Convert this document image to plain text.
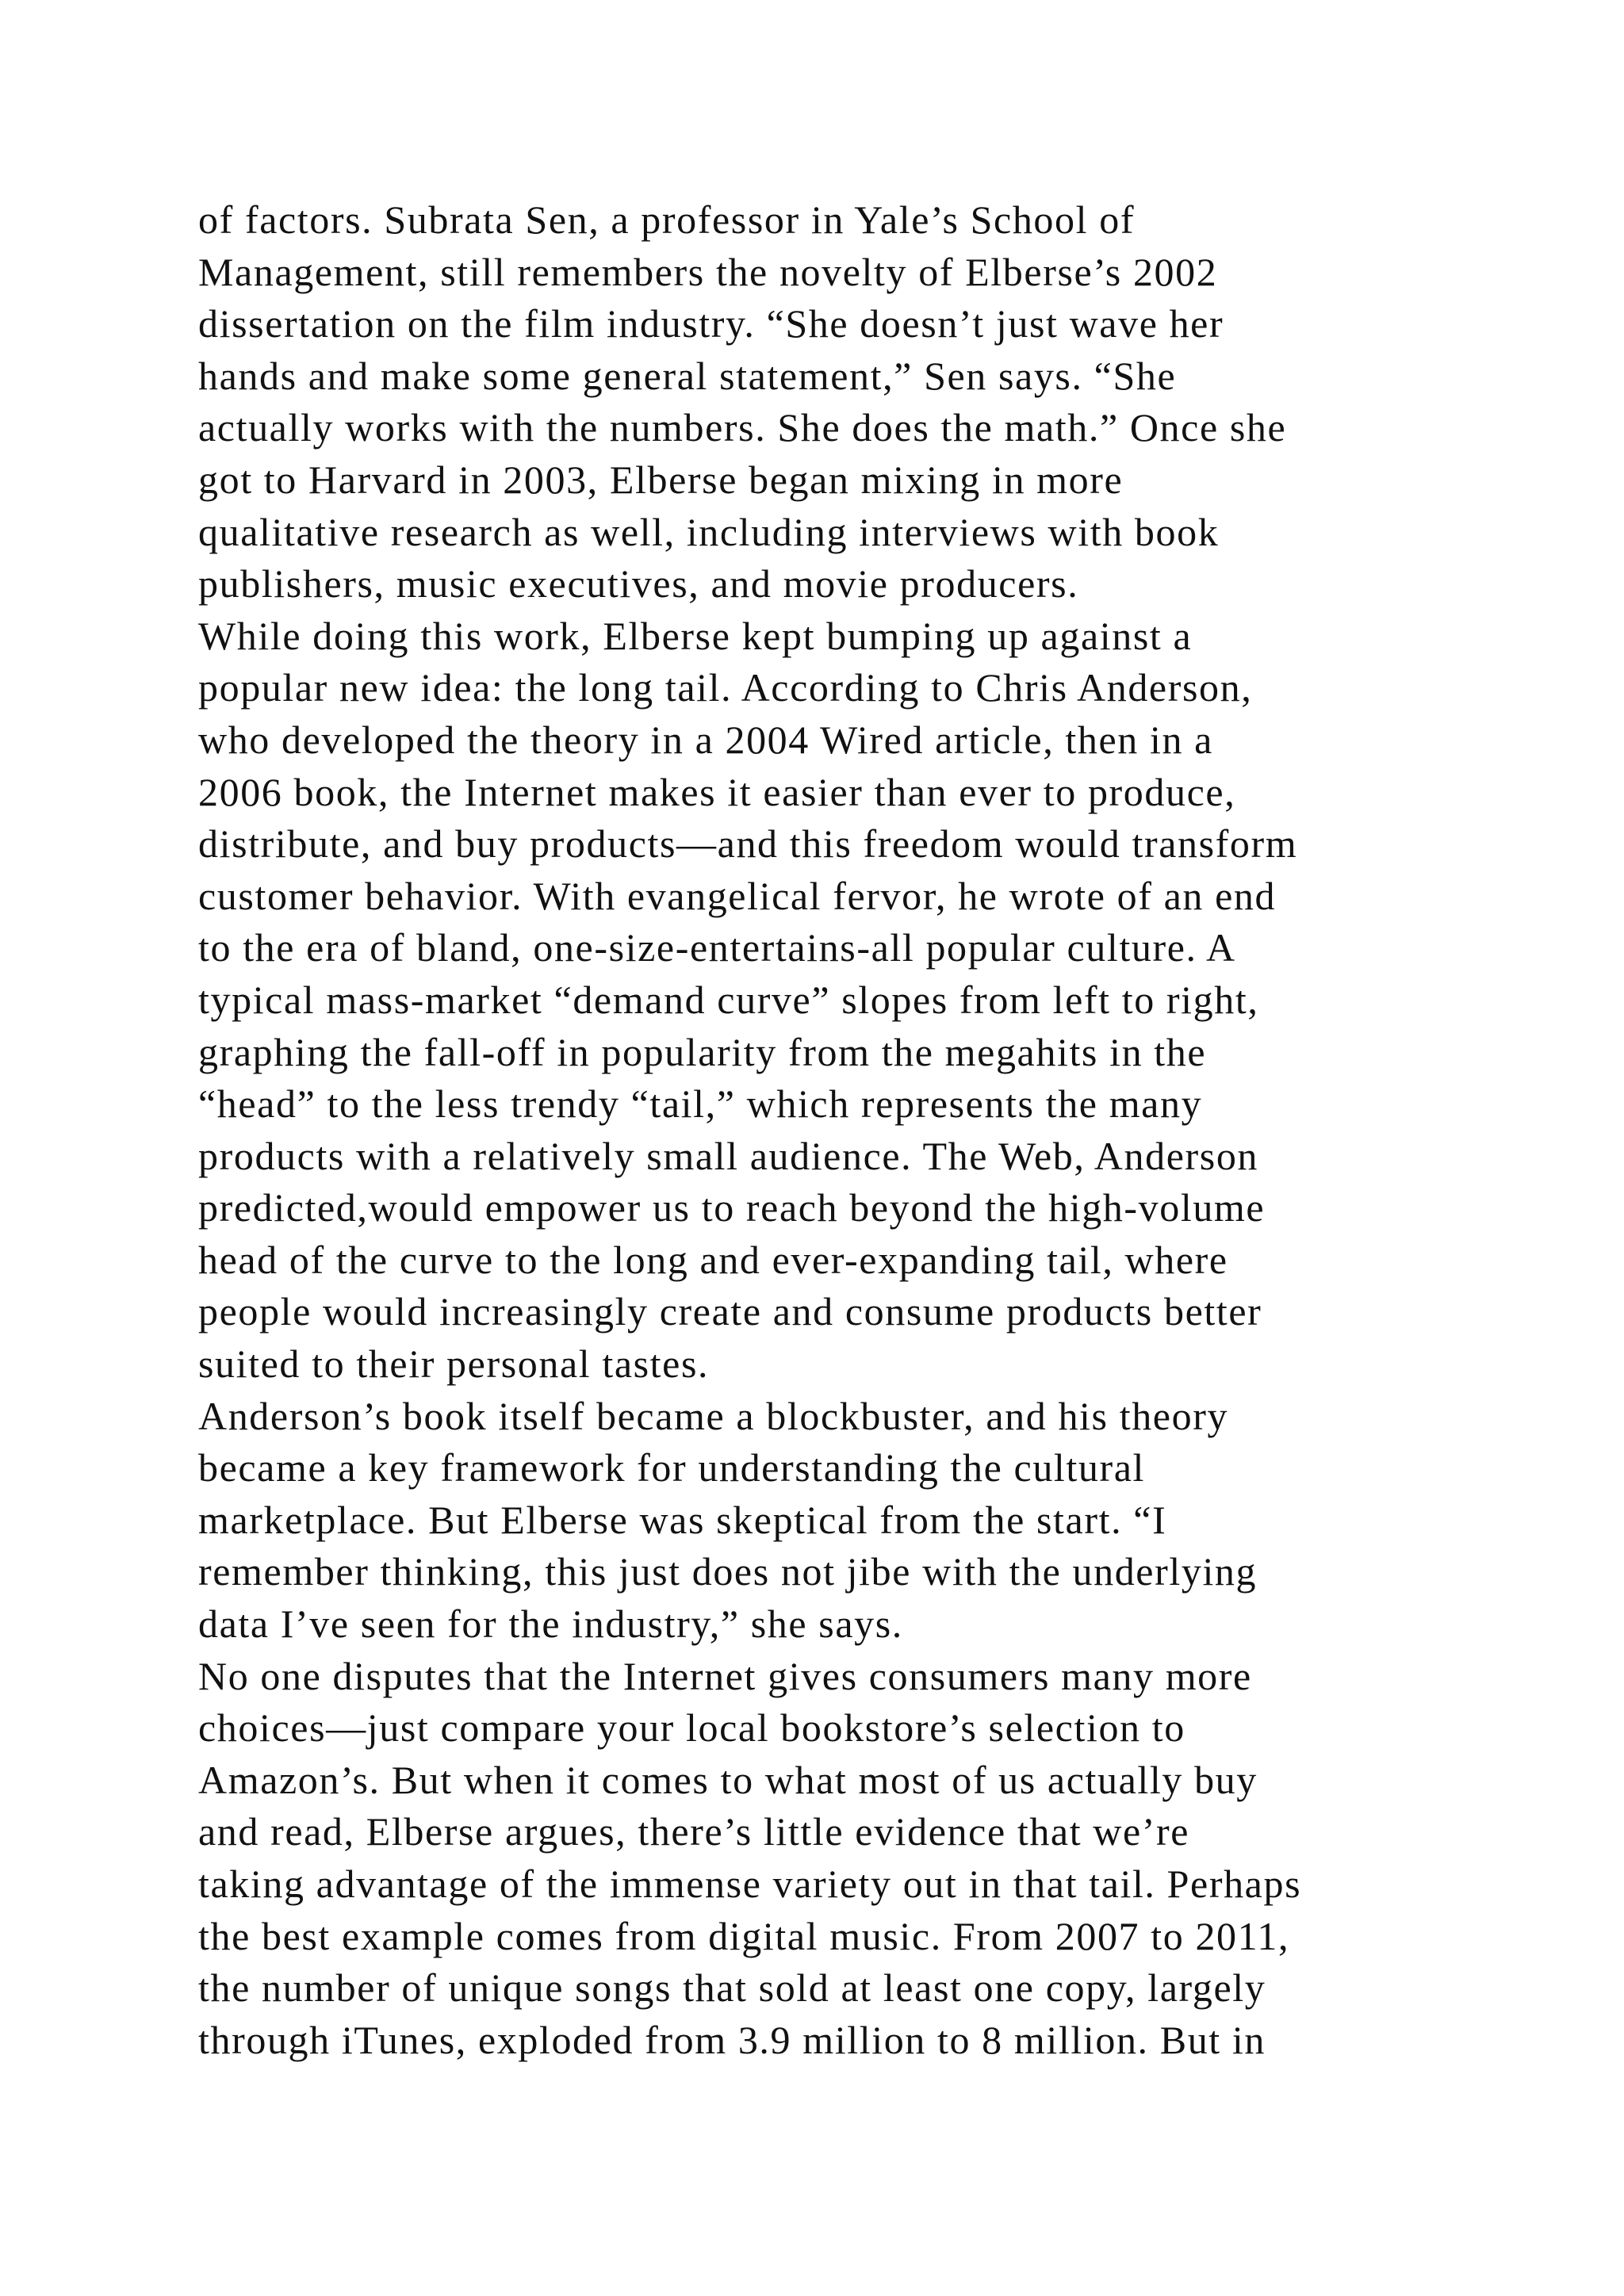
of factors. Subrata Sen, a professor in Yale’s School of
Management, still remembers the novelty of Elberse’s 2002
dissertation on the film industry. “She doesn’t just wave her
hands and make some general statement,” Sen says. “She
actually works with the numbers. She does the math.” Once she
got to Harvard in 2003, Elberse began mixing in more
qualitative research as well, including interviews with book
publishers, music executives, and movie producers.
While doing this work, Elberse kept bumping up against a
popular new idea: the long tail. According to Chris Anderson,
who developed the theory in a 2004 Wired article, then in a
2006 book, the Internet makes it easier than ever to produce,
distribute, and buy products—and this freedom would transform
customer behavior. With evangelical fervor, he wrote of an end
to the era of bland, one-size-entertains-all popular culture. A
typical mass-market “demand curve” slopes from left to right,
graphing the fall-off in popularity from the megahits in the
“head” to the less trendy “tail,” which represents the many
products with a relatively small audience. The Web, Anderson
predicted,would empower us to reach beyond the high-volume
head of the curve to the long and ever-expanding tail, where
people would increasingly create and consume products better
suited to their personal tastes.
Anderson’s book itself became a blockbuster, and his theory
became a key framework for understanding the cultural
marketplace. But Elberse was skeptical from the start. “I
remember thinking, this just does not jibe with the underlying
data I’ve seen for the industry,” she says.
No one disputes that the Internet gives consumers many more
choices—just compare your local bookstore’s selection to
Amazon’s. But when it comes to what most of us actually buy
and read, Elberse argues, there’s little evidence that we’re
taking advantage of the immense variety out in that tail. Perhaps
the best example comes from digital music. From 2007 to 2011,
the number of unique songs that sold at least one copy, largely
through iTunes, exploded from 3.9 million to 8 million. But in
